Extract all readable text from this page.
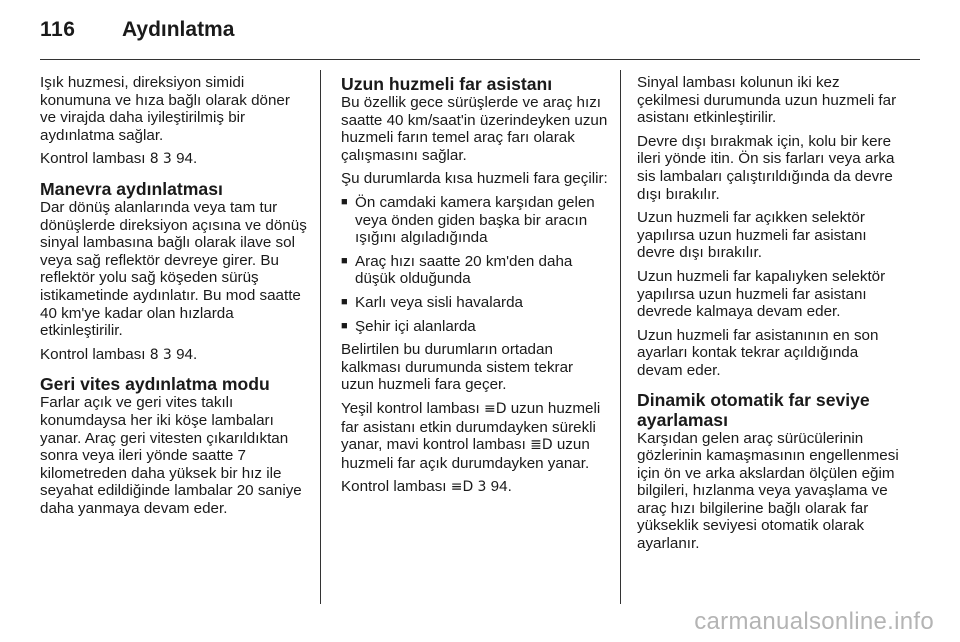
116 Aydınlatma

Işık huzmesi, direksiyon simidi konumuna ve hıza bağlı olarak döner ve virajda daha iyileştirilmiş bir aydınlatma sağlar.

Kontrol lambası 8 3 94.

Manevra aydınlatması

Dar dönüş alanlarında veya tam tur dönüşlerde direksiyon açısına ve dönüş sinyal lambasına bağlı olarak ilave sol veya sağ reflektör devreye girer. Bu reflektör yolu sağ köşeden sürüş istikametinde aydınlatır. Bu mod saatte 40 km'ye kadar olan hızlarda etkinleştirilir.

Kontrol lambası 8 3 94.

Geri vites aydınlatma modu

Farlar açık ve geri vites takılı konumdaysa her iki köşe lambaları yanar. Araç geri vitesten çıkarıldıktan sonra veya ileri yönde saatte 7 kilometreden daha yüksek bir hız ile seyahat edildiğinde lambalar 20 saniye daha yanmaya devam eder.

Uzun huzmeli far asistanı

Bu özellik gece sürüşlerde ve araç hızı saatte 40 km/saat'in üzerindeyken uzun huzmeli farın temel araç farı olarak çalışmasını sağlar.

Şu durumlarda kısa huzmeli fara geçilir:

■ Ön camdaki kamera karşıdan gelen veya önden giden başka bir aracın ışığını algıladığında
■ Araç hızı saatte 20 km'den daha düşük olduğunda
■ Karlı veya sisli havalarda
■ Şehir içi alanlarda

Belirtilen bu durumların ortadan kalkması durumunda sistem tekrar uzun huzmeli fara geçer.

Yeşil kontrol lambası ≡D uzun huzmeli far asistanı etkin durumdayken sürekli yanar, mavi kontrol lambası ≣D uzun huzmeli far açık durumdayken yanar.

Kontrol lambası ≡D 3 94.

Sinyal lambası kolunun iki kez çekilmesi durumunda uzun huzmeli far asistanı etkinleştirilir.

Devre dışı bırakmak için, kolu bir kere ileri yönde itin. Ön sis farları veya arka sis lambaları çalıştırıldığında da devre dışı bırakılır.

Uzun huzmeli far açıkken selektör yapılırsa uzun huzmeli far asistanı devre dışı bırakılır.

Uzun huzmeli far kapalıyken selektör yapılırsa uzun huzmeli far asistanı devrede kalmaya devam eder.

Uzun huzmeli far asistanının en son ayarları kontak tekrar açıldığında devam eder.

Dinamik otomatik far seviye ayarlaması

Karşıdan gelen araç sürücülerinin gözlerinin kamaşmasının engellenmesi için ön ve arka akslardan ölçülen eğim bilgileri, hızlanma veya yavaşlama ve araç hızı bilgilerine bağlı olarak far yükseklik seviyesi otomatik olarak ayarlanır.

carmanualsonline.info
